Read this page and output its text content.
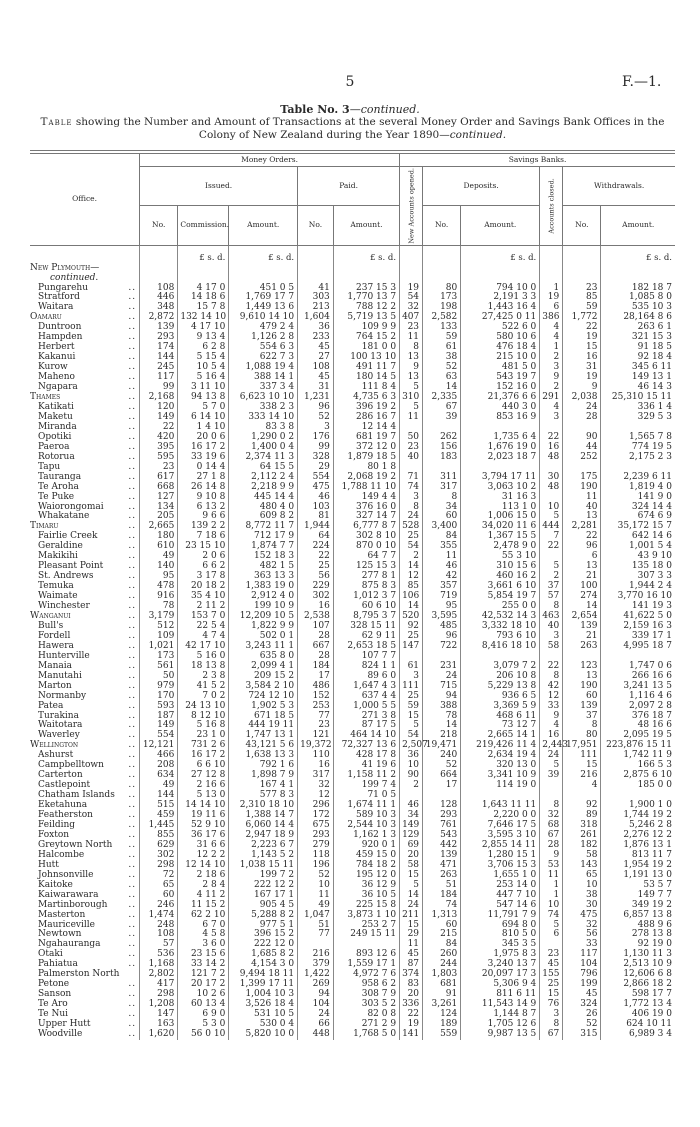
5	F.—1.
Table No. 3—continued.
Table showing the Number and Amount of Transactions at the several Money Order and Savings Bank Offices in the Colony of New Zealand during the Year 1890—continued.
Office.	Money Orders.					Savings Banks.					
	Issued.			Paid.		New Accounts opened.	Deposits.		Accounts closed.	Withdrawals.	
	No.	Commission.	Amount.	No.	Amount.		No.	Amount.		No.	Amount.
		£ s. d.	£ s. d.		£ s. d.			£ s. d.			£ s. d.
New Plymouth—											
continued.											
Pungarehu ..	108	4 17 0	451 0 5	41	237 15 3	19	80	794 10 0	1	23	182 18 7
Stratford ..	446	14 18 6	1,769 17 7	303	1,770 13 7	54	173	2,191 3 3	19	85	1,085 8 0
Waitara ..	348	15 7 8	1,449 13 6	213	788 12 2	32	198	1,443 16 4	6	59	535 10 3
Oamaru ..	2,872	132 14 10	9,610 14 10	1,604	5,719 13 5	407	2,582	27,425 0 11	386	1,772	28,164 8 6
Duntroon ..	139	4 17 10	479 2 4	36	109 9 9	23	133	522 6 0	4	22	263 6 1
Hampden ..	293	9 13 4	1,126 2 8	233	764 15 2	11	59	580 10 6	4	19	321 15 3
Herbert ..	174	6 2 8	554 6 3	45	181 0 0	8	61	476 18 4	1	15	91 18 5
Kakanui ..	144	5 15 4	622 7 3	27	100 13 10	13	38	215 10 0	2	16	92 18 4
Kurow ..	245	10 5 4	1,088 19 4	108	491 11 7	9	52	481 5 0	3	31	345 6 11
Maheno ..	117	5 16 4	388 14 1	45	180 14 5	13	63	543 19 7	9	19	149 13 1
Ngapara ..	99	3 11 10	337 3 4	31	111 8 4	5	14	152 16 0	2	9	46 14 3
Thames ..	2,168	94 13 8	6,623 10 10	1,231	4,735 6 3	310	2,335	21,376 6 6	291	2,038	25,310 15 11
Katikati ..	120	5 7 0	338 2 3	96	396 19 2	5	67	440 3 0	4	24	336 1 4
Maketu ..	149	6 14 10	333 14 10	52	286 16 7	11	39	853 16 9	3	28	329 5 3
Miranda ..	22	1 4 10	83 3 8	3	12 14 4						
Opotiki ..	420	20 0 6	1,290 0 2	176	681 19 7	50	262	1,735 6 4	22	90	1,565 7 8
Paeroa ..	395	16 17 2	1,400 0 4	99	372 12 0	23	156	1,676 19 0	16	44	774 19 5
Rotorua ..	595	33 19 6	2,374 11 3	328	1,879 18 5	40	183	2,023 18 7	48	252	2,175 2 3
Tapu ..	23	0 14 4	64 15 5	29	80 1 8						
Tauranga ..	617	27 1 8	2,112 2 4	554	2,068 19 2	71	311	3,794 17 11	30	175	2,239 6 11
Te Aroha ..	668	26 14 8	2,218 9 9	475	1,788 11 10	74	317	3,063 10 2	48	190	1,819 4 0
Te Puke ..	127	9 10 8	445 14 4	46	149 4 4	3	8	31 16 3		11	141 9 0
Waiorongomai ..	134	6 13 2	480 4 0	103	376 16 0	8	34	113 1 0	10	40	324 14 4
Whakatane ..	205	9 6 6	609 8 2	81	327 14 7	24	60	1,006 15 0	5	13	674 6 9
Timaru ..	2,665	139 2 2	8,772 11 7	1,944	6,777 8 7	528	3,400	34,020 11 6	444	2,281	35,172 15 7
Fairlie Creek ..	180	7 18 6	712 17 9	64	302 8 10	25	84	1,367 15 5	7	22	642 14 6
Geraldine ..	610	23 15 10	1,874 7 7	224	870 0 10	54	355	2,478 9 0	22	96	1,001 5 4
Makikihi ..	49	2 0 6	152 18 3	22	64 7 7	2	11	55 3 10		6	43 9 10
Pleasant Point ..	140	6 6 2	482 1 5	25	125 15 3	14	46	310 15 6	5	13	135 18 0
St. Andrews ..	95	3 17 8	363 13 3	56	277 8 1	12	42	460 16 2	2	21	307 3 3
Temuka ..	478	20 18 2	1,383 19 0	229	875 8 3	85	357	3,661 6 10	37	100	1,944 2 4
Waimate ..	916	35 4 10	2,912 4 0	302	1,012 3 7	106	719	5,854 19 7	57	274	3,770 16 10
Winchester ..	78	2 11 2	199 10 9	16	60 6 10	14	95	255 0 0	8	14	141 19 3
Wanganui ..	3,179	153 7 0	12,209 10 5	2,538	8,795 3 7	520	3,595	42,532 14 3	463	2,654	41,622 5 0
Bull's ..	512	22 5 4	1,822 9 9	107	328 15 11	92	485	3,332 18 10	40	139	2,159 16 3
Fordell ..	109	4 7 4	502 0 1	28	62 9 11	25	96	793 6 10	3	21	339 17 1
Hawera ..	1,021	42 17 10	3,243 11 1	667	2,653 18 5	147	722	8,416 18 10	58	263	4,995 18 7
Hunterville ..	173	5 16 0	635 8 0	28	107 7 7						
Manaia ..	561	18 13 8	2,099 4 1	184	824 1 1	61	231	3,079 7 2	22	123	1,747 0 6
Manutahi ..	50	2 3 8	209 15 2	17	89 6 0	3	24	206 10 8	8	13	266 16 6
Marton ..	979	41 5 2	3,584 2 10	486	1,647 4 3	111	715	5,229 13 8	42	190	3,241 13 5
Normanby ..	170	7 0 2	724 12 10	152	637 4 4	25	94	936 6 5	12	60	1,116 4 6
Patea ..	593	24 13 10	1,902 5 3	253	1,000 5 5	59	388	3,369 5 9	33	139	2,097 2 8
Turakina ..	187	8 12 10	671 18 5	77	271 3 8	15	78	468 6 11	9	37	376 18 7
Waitotara ..	149	5 16 8	444 19 11	23	87 17 5	5	14	73 12 7	4	8	48 16 6
Waverley ..	554	23 1 0	1,747 13 1	121	464 14 10	54	218	2,665 14 1	16	80	2,095 19 5
Wellington ..	12,121	731 2 6	43,121 5 6	19,372	72,327 13 6	2,507	19,471	219,426 11 4	2,443	17,951	223,876 15 11
Ashurst ..	466	16 17 2	1,638 13 3	110	428 17 8	36	240	2,634 19 4	24	111	1,742 11 9
Campbelltown ..	208	6 6 10	792 1 6	16	41 19 6	10	52	320 13 0	5	15	166 5 3
Carterton ..	634	27 12 8	1,898 7 9	317	1,158 11 2	90	664	3,341 10 9	39	216	2,875 6 10
Castlepoint ..	49	2 16 6	167 4 1	32	199 7 4	2	17	114 19 0		4	185 0 0
Chatham Islands ..	144	5 13 0	577 8 3	12	71 0 5						
Eketahuna ..	515	14 14 10	2,310 18 10	296	1,674 11 1	46	128	1,643 11 11	8	92	1,900 1 0
Featherston ..	459	19 11 6	1,388 14 7	172	589 10 3	34	293	2,220 0 0	32	89	1,744 19 2
Feilding ..	1,445	52 9 10	6,060 14 4	675	2,544 10 3	149	761	7,646 17 5	68	318	5,246 2 8
Foxton ..	855	36 17 6	2,947 18 9	293	1,162 1 3	129	543	3,595 3 10	67	261	2,276 12 2
Greytown North ..	629	31 6 6	2,223 6 7	279	920 0 1	69	442	2,855 14 11	28	182	1,876 13 1
Halcombe ..	302	12 2 2	1,143 5 2	118	459 15 0	20	139	1,280 15 1	9	58	813 11 7
Hutt ..	298	12 14 10	1,038 15 11	196	784 18 2	58	471	3,706 15 3	53	143	1,954 19 2
Johnsonville ..	72	2 18 6	199 7 2	52	195 12 0	15	263	1,655 1 0	11	65	1,191 13 0
Kaitoke ..	65	2 8 4	222 12 2	10	36 12 9	5	51	253 14 0	1	10	53 5 7
Kaiwarawara ..	60	4 11 2	167 17 1	11	36 10 5	14	184	447 7 10	1	38	149 7 7
Martinborough ..	246	11 15 2	905 4 5	49	225 15 8	24	74	547 14 6	10	30	349 19 2
Masterton ..	1,474	62 2 10	5,288 8 2	1,047	3,873 1 10	211	1,313	11,791 7 9	74	475	6,857 13 8
Mauriceville ..	248	6 7 0	977 5 1	51	253 2 7	15	60	694 8 0	5	32	488 9 6
Newtown ..	108	4 5 8	396 15 2	77	249 15 11	29	215	810 5 0	6	56	278 13 8
Ngahauranga ..	57	3 6 0	222 12 0			11	84	345 3 5		33	92 19 0
Otaki ..	536	23 15 6	1,685 8 2	216	893 12 6	45	260	1,975 8 3	23	117	1,130 11 3
Pahiatua ..	1,168	33 14 2	4,154 3 0	379	1,559 17 1	87	244	3,240 13 7	45	104	2,513 10 9
Palmerston North	2,802	121 7 2	9,494 18 11	1,422	4,972 7 6	374	1,803	20,097 17 3	155	796	12,606 6 8
Petone ..	417	20 17 2	1,399 17 11	269	958 6 2	83	681	5,306 9 4	25	199	2,866 18 2
Sanson ..	298	10 2 6	1,004 10 3	94	308 7 9	20	91	811 6 11	15	45	598 17 7
Te Aro ..	1,208	60 13 4	3,526 18 4	104	303 5 2	336	3,261	11,543 14 9	76	324	1,772 13 4
Te Nui ..	147	6 9 0	531 10 5	24	82 0 8	22	124	1,144 8 7	3	26	406 19 0
Upper Hutt ..	163	5 3 0	530 0 4	66	271 2 9	19	189	1,705 12 6	8	52	624 10 11
Woodville ..	1,620	56 0 10	5,820 10 0	448	1,768 5 0	141	559	9,987 13 5	67	315	6,989 3 4
